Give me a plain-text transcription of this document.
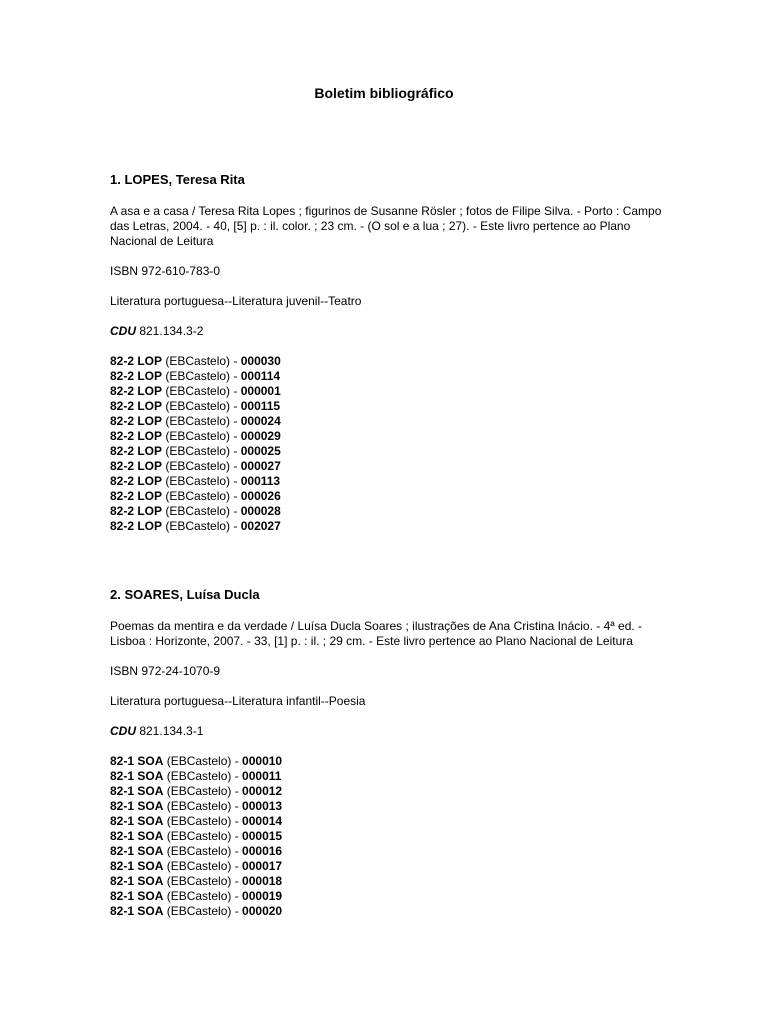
Boletim bibliográfico
1. LOPES, Teresa Rita
A asa e a casa / Teresa Rita Lopes ; figurinos de Susanne Rösler ; fotos de Filipe Silva. - Porto : Campo das Letras, 2004. - 40, [5] p. : il. color. ; 23 cm. - (O sol e a lua ; 27). - Este livro pertence ao Plano Nacional de Leitura
ISBN 972-610-783-0
Literatura portuguesa--Literatura juvenil--Teatro
CDU 821.134.3-2
82-2 LOP (EBCastelo) - 000030
82-2 LOP (EBCastelo) - 000114
82-2 LOP (EBCastelo) - 000001
82-2 LOP (EBCastelo) - 000115
82-2 LOP (EBCastelo) - 000024
82-2 LOP (EBCastelo) - 000029
82-2 LOP (EBCastelo) - 000025
82-2 LOP (EBCastelo) - 000027
82-2 LOP (EBCastelo) - 000113
82-2 LOP (EBCastelo) - 000026
82-2 LOP (EBCastelo) - 000028
82-2 LOP (EBCastelo) - 002027
2. SOARES, Luísa Ducla
Poemas da mentira e da verdade / Luísa Ducla Soares ; ilustrações de Ana Cristina Inácio. - 4ª ed. - Lisboa : Horizonte, 2007. - 33, [1] p. : il. ; 29 cm. - Este livro pertence ao Plano Nacional de Leitura
ISBN 972-24-1070-9
Literatura portuguesa--Literatura infantil--Poesia
CDU 821.134.3-1
82-1 SOA (EBCastelo) - 000010
82-1 SOA (EBCastelo) - 000011
82-1 SOA (EBCastelo) - 000012
82-1 SOA (EBCastelo) - 000013
82-1 SOA (EBCastelo) - 000014
82-1 SOA (EBCastelo) - 000015
82-1 SOA (EBCastelo) - 000016
82-1 SOA (EBCastelo) - 000017
82-1 SOA (EBCastelo) - 000018
82-1 SOA (EBCastelo) - 000019
82-1 SOA (EBCastelo) - 000020
